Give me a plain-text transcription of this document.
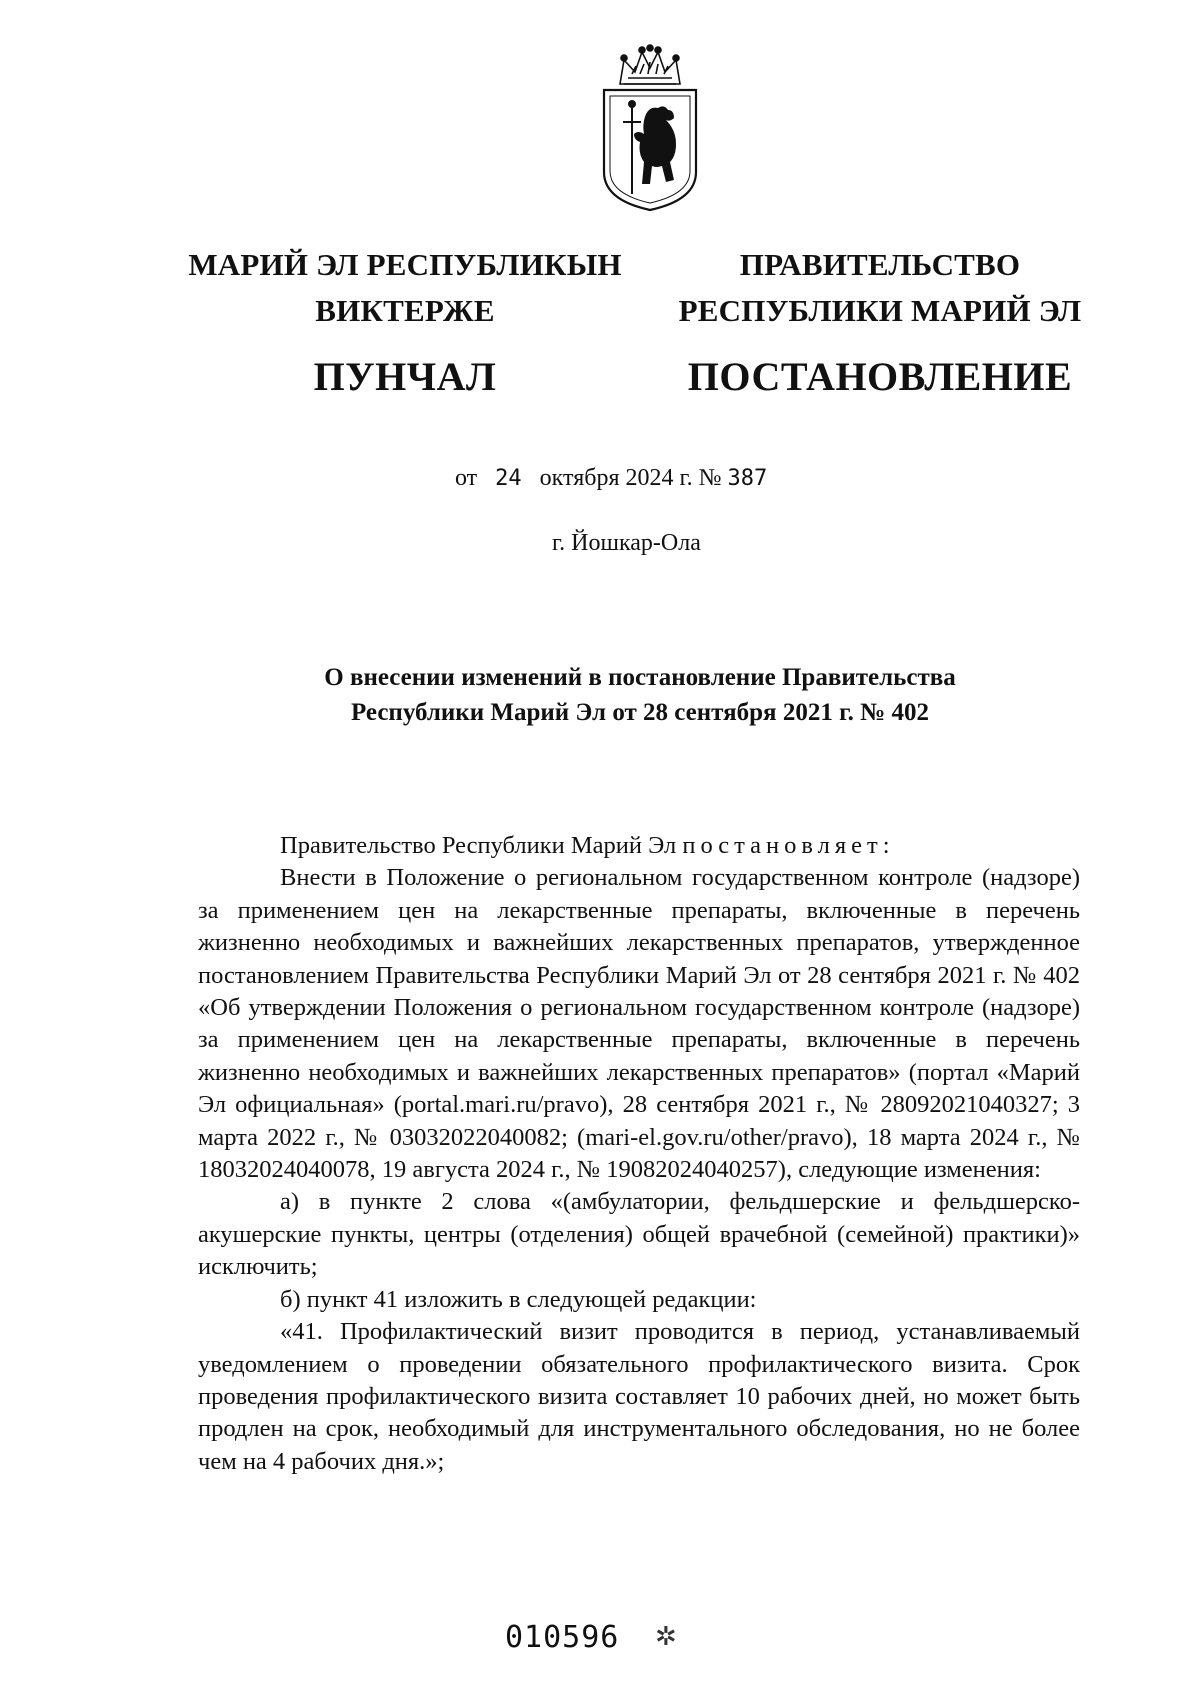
МАРИЙ ЭЛ РЕСПУБЛИКЫН
ВИКТЕРЖЕ
ПУНЧАЛ
ПРАВИТЕЛЬСТВО
РЕСПУБЛИКИ МАРИЙ ЭЛ
ПОСТАНОВЛЕНИЕ
от 24 октября 2024 г. № 387
г. Йошкар-Ола
О внесении изменений в постановление Правительства
Республики Марий Эл от 28 сентября 2021 г. № 402

Правительство Республики Марий Эл постановляет:

Внести в Положение о региональном государственном контроле (надзоре) за применением цен на лекарственные препараты, включенные в перечень жизненно необходимых и важнейших лекарственных препаратов, утвержденное постановлением Правительства Республики Марий Эл от 28 сентября 2021 г. № 402 «Об утверждении Положения о региональном государственном контроле (надзоре) за применением цен на лекарственные препараты, включенные в перечень жизненно необходимых и важнейших лекарственных препаратов» (портал «Марий Эл официальная» (portal.mari.ru/pravo), 28 сентября 2021 г., № 28092021040327; 3 марта 2022 г., № 03032022040082; (mari-el.gov.ru/other/pravo), 18 марта 2024 г., № 18032024040078, 19 августа 2024 г., № 19082024040257), следующие изменения:

а) в пункте 2 слова «(амбулатории, фельдшерские и фельдшерско-акушерские пункты, центры (отделения) общей врачебной (семейной) практики)» исключить;

б) пункт 41 изложить в следующей редакции:

«41. Профилактический визит проводится в период, устанавливаемый уведомлением о проведении обязательного профилактического визита. Срок проведения профилактического визита составляет 10 рабочих дней, но может быть продлен на срок, необходимый для инструментального обследования, но не более чем на 4 рабочих дня.»;

010596 ✲
